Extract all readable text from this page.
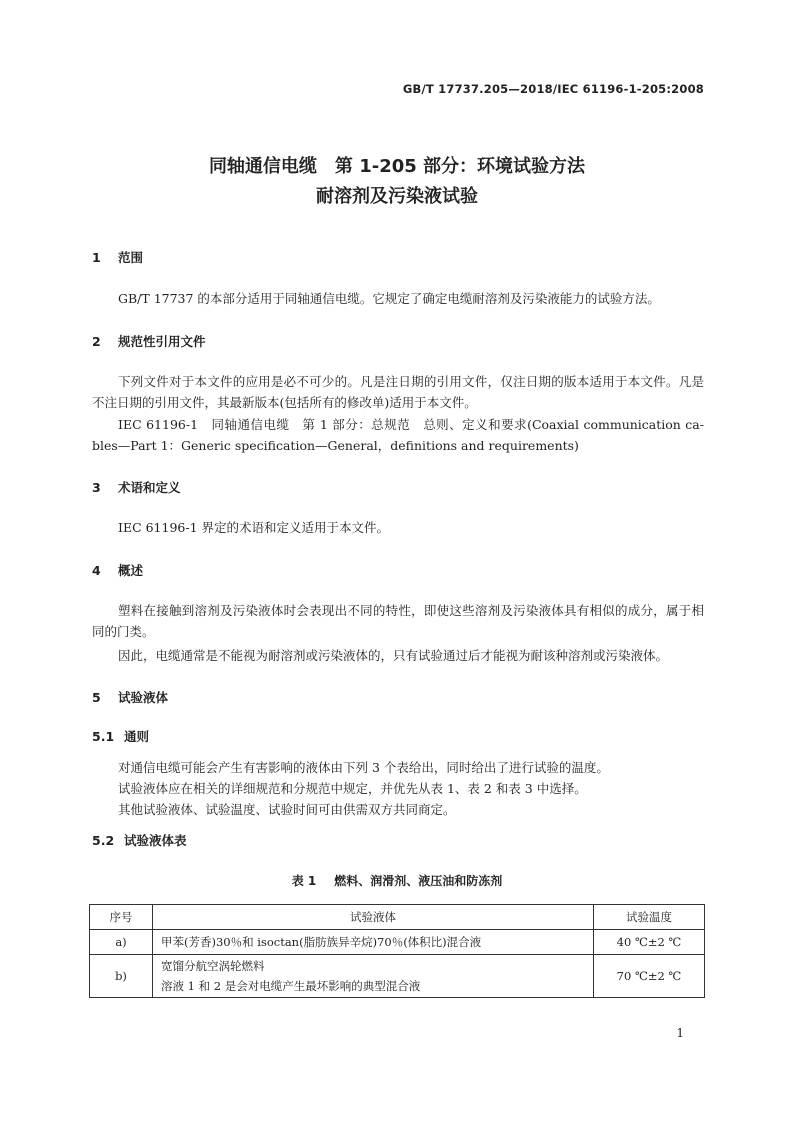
GB/T 17737.205—2018/IEC 61196-1-205:2008
同轴通信电缆　第 1-205 部分：环境试验方法
耐溶剂及污染液试验
1 范围
GB/T 17737 的本部分适用于同轴通信电缆。它规定了确定电缆耐溶剂及污染液能力的试验方法。
2 规范性引用文件
下列文件对于本文件的应用是必不可少的。凡是注日期的引用文件，仅注日期的版本适用于本文件。凡是不注日期的引用文件，其最新版本(包括所有的修改单)适用于本文件。
IEC 61196-1　同轴通信电缆　第 1 部分：总规范　总则、定义和要求(Coaxial communication ca-
bles—Part 1：Generic specification—General，definitions and requirements)
3 术语和定义
IEC 61196-1 界定的术语和定义适用于本文件。
4 概述
塑料在接触到溶剂及污染液体时会表现出不同的特性，即使这些溶剂及污染液体具有相似的成分，属于相同的门类。
因此，电缆通常是不能视为耐溶剂或污染液体的，只有试验通过后才能视为耐该种溶剂或污染液体。
5 试验液体
5.1 通则
对通信电缆可能会产生有害影响的液体由下列 3 个表给出，同时给出了进行试验的温度。
试验液体应在相关的详细规范和分规范中规定，并优先从表 1、表 2 和表 3 中选择。
其他试验液体、试验温度、试验时间可由供需双方共同商定。
5.2 试验液体表
表 1 燃料、润滑剂、液压油和防冻剂
序号	试验液体	试验温度
a)	甲苯(芳香)30％和 isoctan(脂肪族异辛烷)70％(体积比)混合液	40 ℃±2 ℃
b)	宽馏分航空涡轮燃料
溶液 1 和 2 是会对电缆产生最坏影响的典型混合液	70 ℃±2 ℃
1
